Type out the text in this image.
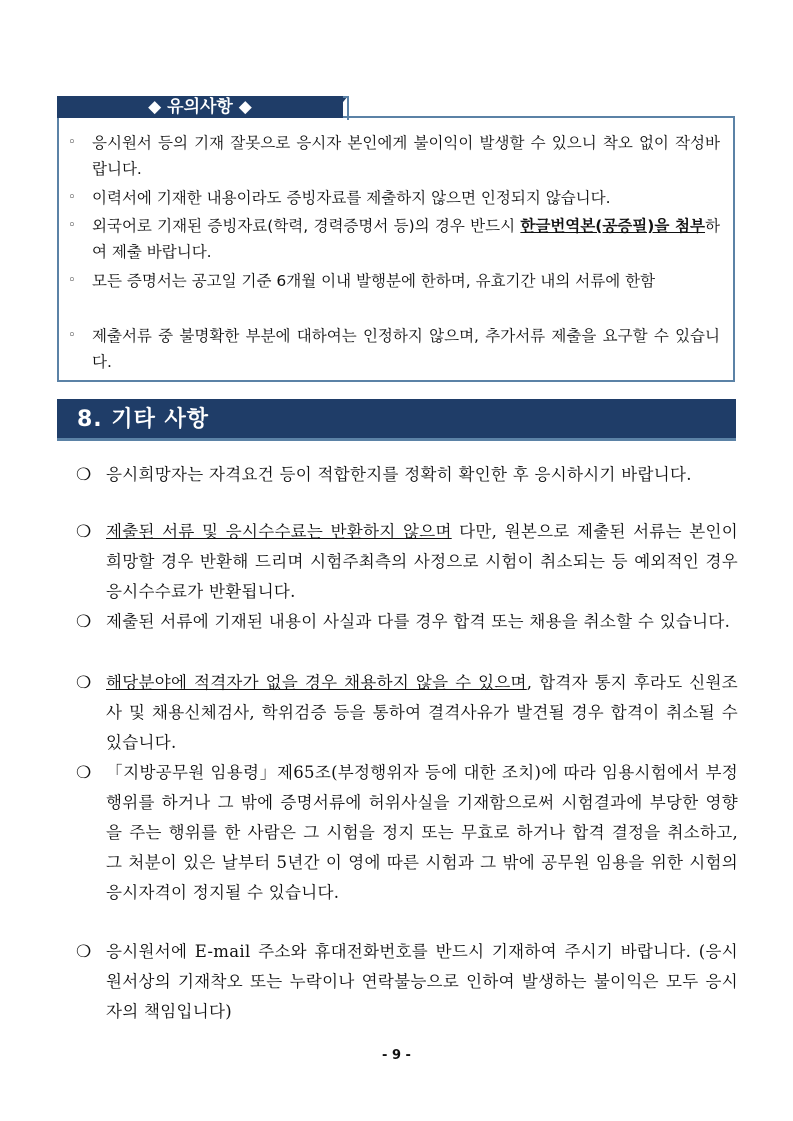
◆ 유의사항 ◆
◦ 응시원서 등의 기재 잘못으로 응시자 본인에게 불이익이 발생할 수 있으니 착오 없이 작성바랍니다.
◦ 이력서에 기재한 내용이라도 증빙자료를 제출하지 않으면 인정되지 않습니다.
◦ 외국어로 기재된 증빙자료(학력, 경력증명서 등)의 경우 반드시 한글번역본(공증필)을 첨부하여 제출 바랍니다.
◦ 모든 증명서는 공고일 기준 6개월 이내 발행분에 한하며, 유효기간 내의 서류에 한함
◦ 제출서류 중 불명확한 부분에 대하여는 인정하지 않으며, 추가서류 제출을 요구할 수 있습니다.
8. 기타 사항
❍ 응시희망자는 자격요건 등이 적합한지를 정확히 확인한 후 응시하시기 바랍니다.
❍ 제출된 서류 및 응시수수료는 반환하지 않으며 다만, 원본으로 제출된 서류는 본인이 희망할 경우 반환해 드리며 시험주최측의 사정으로 시험이 취소되는 등 예외적인 경우 응시수수료가 반환됩니다.
❍ 제출된 서류에 기재된 내용이 사실과 다를 경우 합격 또는 채용을 취소할 수 있습니다.
❍ 해당분야에 적격자가 없을 경우 채용하지 않을 수 있으며, 합격자 통지 후라도 신원조사 및 채용신체검사, 학위검증 등을 통하여 결격사유가 발견될 경우 합격이 취소될 수 있습니다.
❍ 「지방공무원 임용령」제65조(부정행위자 등에 대한 조치)에 따라 임용시험에서 부정행위를 하거나 그 밖에 증명서류에 허위사실을 기재함으로써 시험결과에 부당한 영향을 주는 행위를 한 사람은 그 시험을 정지 또는 무효로 하거나 합격 결정을 취소하고, 그 처분이 있은 날부터 5년간 이 영에 따른 시험과 그 밖에 공무원 임용을 위한 시험의 응시자격이 정지될 수 있습니다.
❍ 응시원서에 E-mail 주소와 휴대전화번호를 반드시 기재하여 주시기 바랍니다. (응시원서상의 기재착오 또는 누락이나 연락불능으로 인하여 발생하는 불이익은 모두 응시자의 책임입니다)
- 9 -
